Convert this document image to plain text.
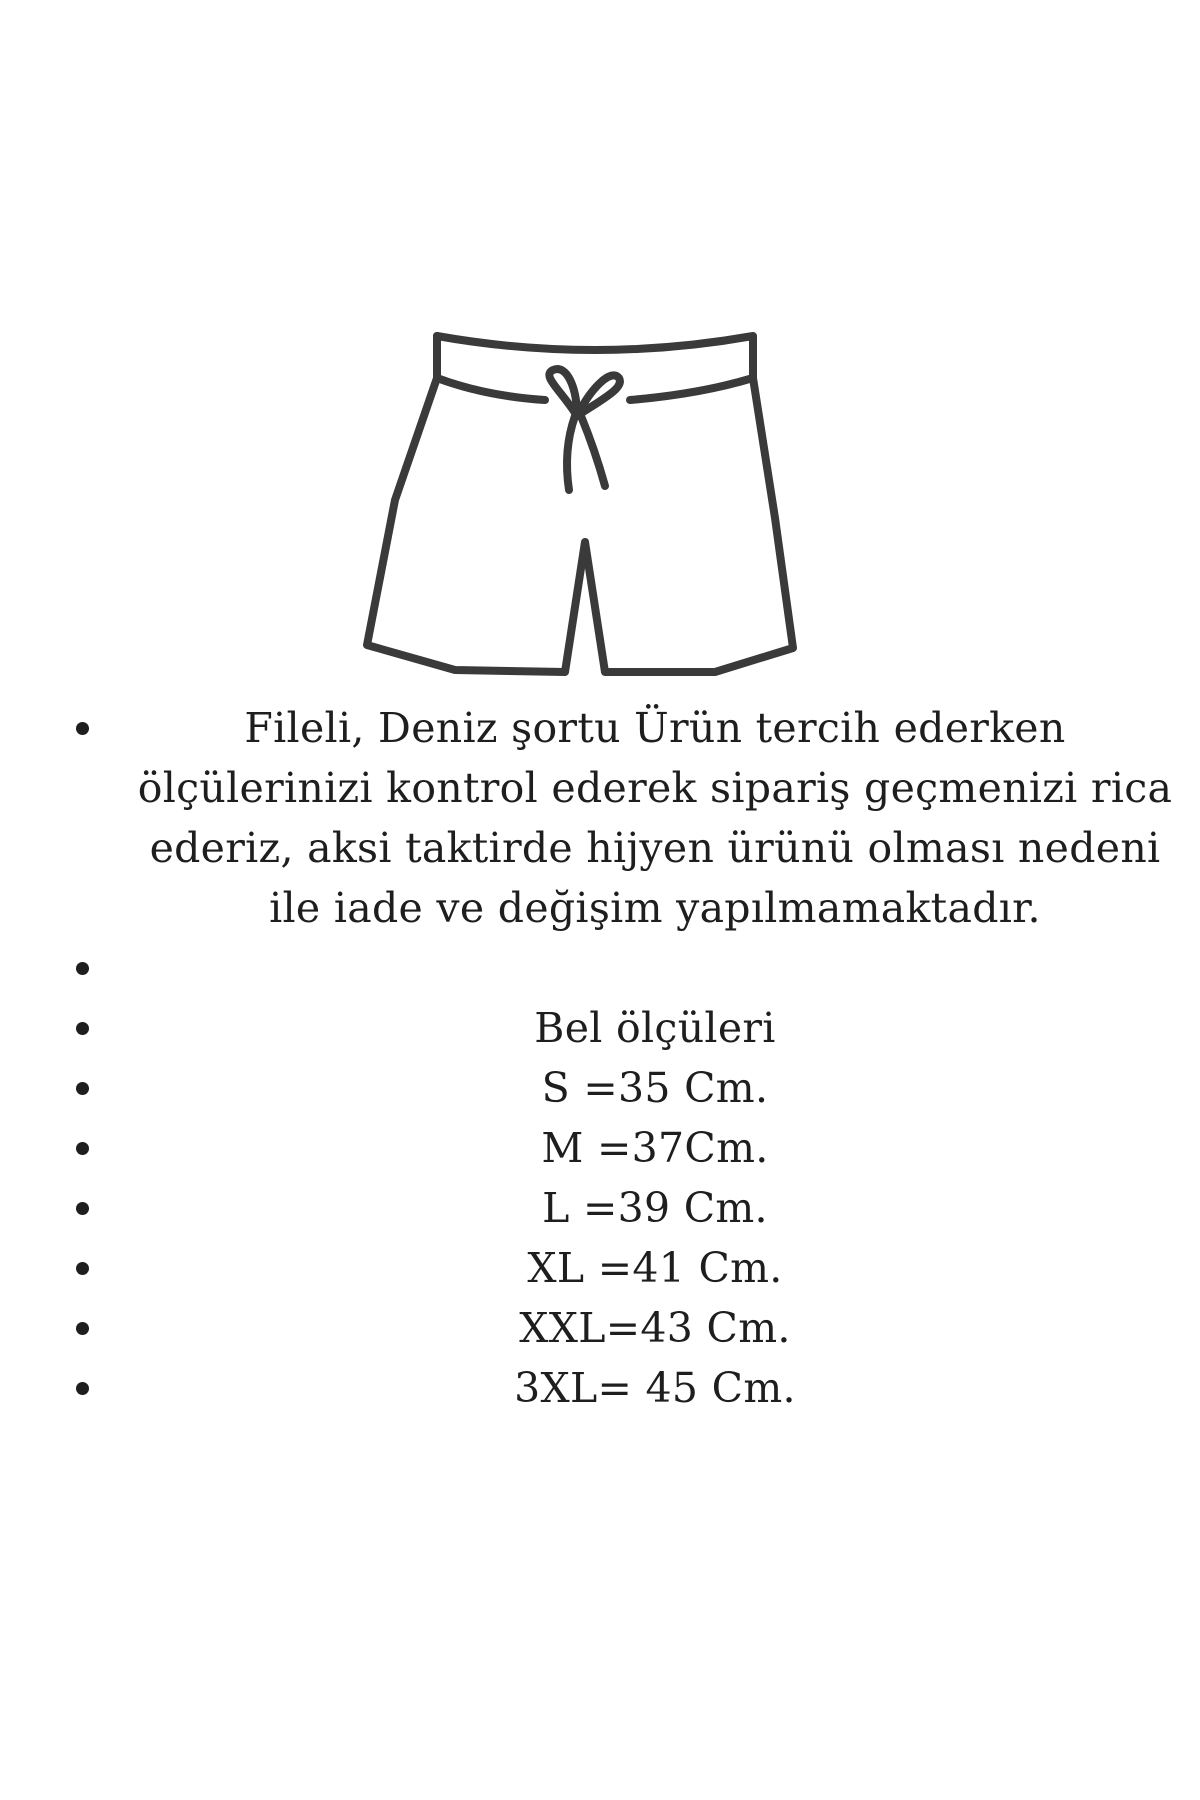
Fileli, Deniz şortu Ürün tercih ederken ölçülerinizi kontrol ederek sipariş geçmenizi rica ederiz, aksi taktirde hijyen ürünü olması nedeni ile iade ve değişim yapılmamaktadır.
Bel ölçüleri
S =35 Cm.
M =37Cm.
L =39 Cm.
XL =41 Cm.
XXL=43 Cm.
3XL= 45 Cm.
